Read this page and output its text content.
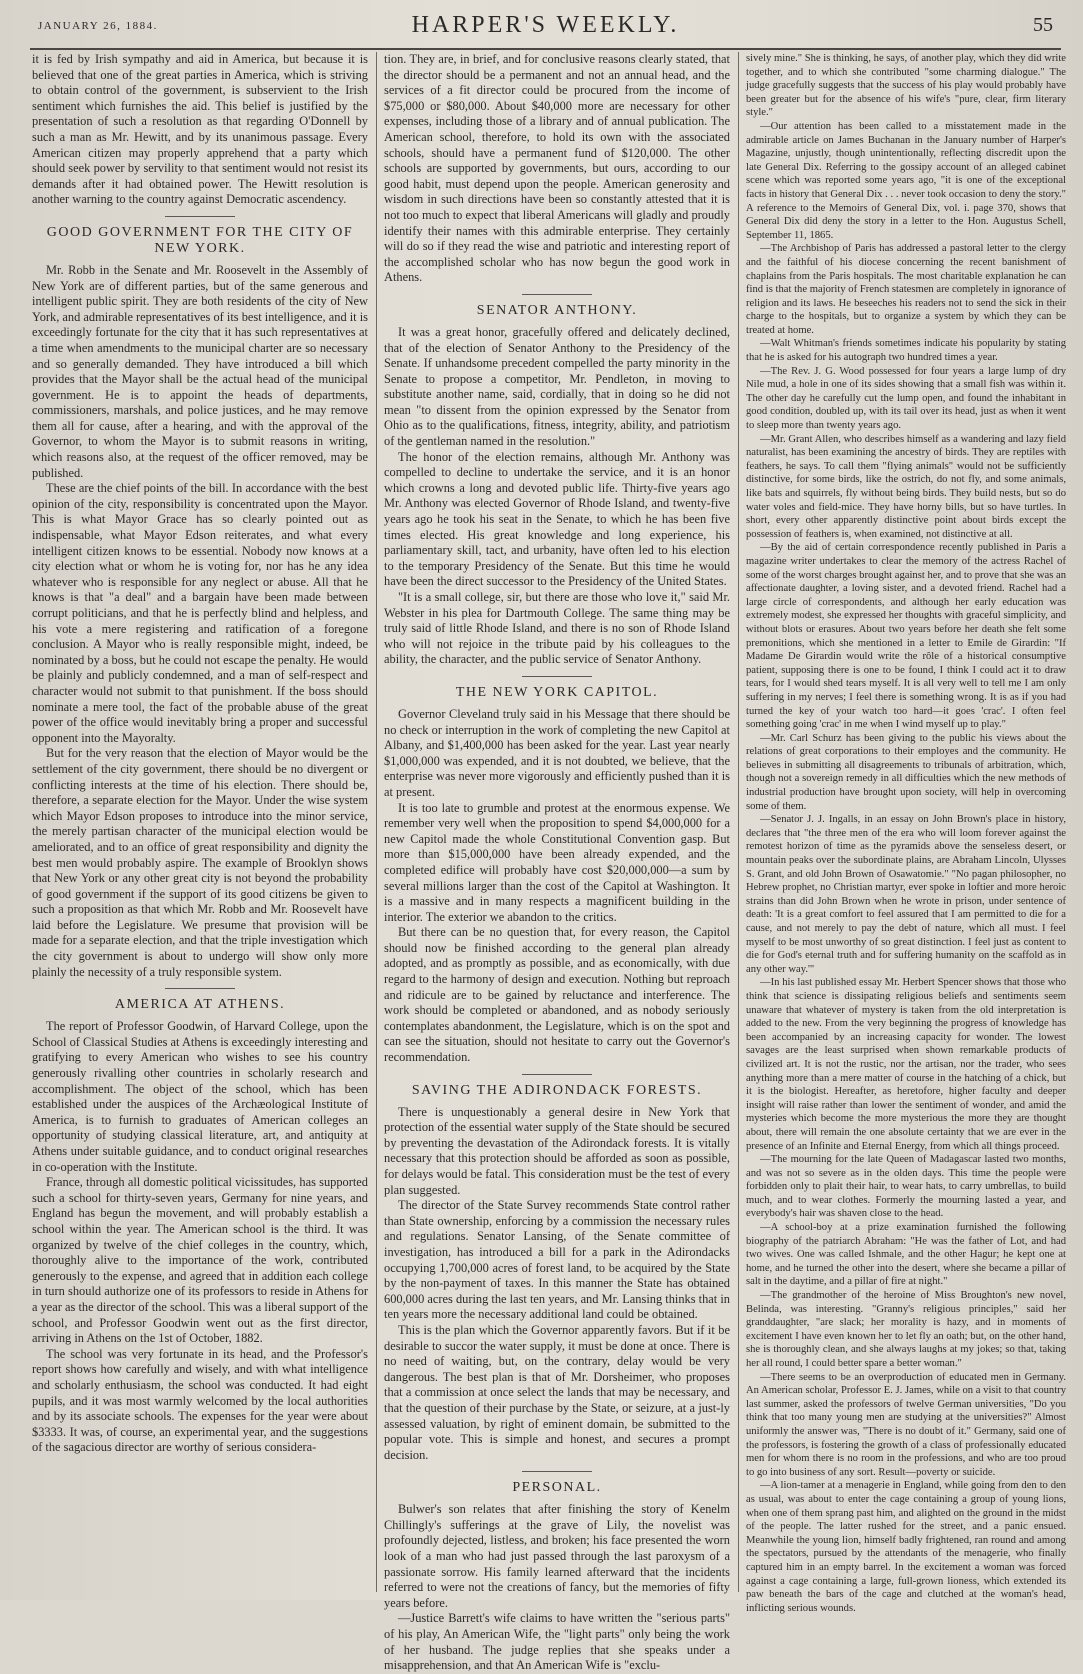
JANUARY 26, 1884.	HARPER'S WEEKLY.	55

it is fed by Irish sympathy and aid in America, but because it is believed that one of the great parties in America, which is striving to obtain control of the government, is subservient to the Irish sentiment which furnishes the aid. This belief is justified by the presentation of such a resolution as that regarding O'Donnell by such a man as Mr. Hewitt, and by its unanimous passage. Every American citizen may properly apprehend that a party which should seek power by servility to that sentiment would not resist its demands after it had obtained power. The Hewitt resolution is another warning to the country against Democratic ascendency.

GOOD GOVERNMENT FOR THE CITY OF NEW YORK.

Mr. Robb in the Senate and Mr. Roosevelt in the Assembly of New York are of different parties, but of the same generous and intelligent public spirit. They are both residents of the city of New York, and admirable representatives of its best intelligence, and it is exceedingly fortunate for the city that it has such representatives at a time when amendments to the municipal charter are so necessary and so generally demanded. They have introduced a bill which provides that the Mayor shall be the actual head of the municipal government. He is to appoint the heads of departments, commissioners, marshals, and police justices, and he may remove them all for cause, after a hearing, and with the approval of the Governor, to whom the Mayor is to submit reasons in writing, which reasons also, at the request of the officer removed, may be published.

These are the chief points of the bill. In accordance with the best opinion of the city, responsibility is concentrated upon the Mayor. This is what Mayor Grace has so clearly pointed out as indispensable, what Mayor Edson reiterates, and what every intelligent citizen knows to be essential. Nobody now knows at a city election what or whom he is voting for, nor has he any idea whatever who is responsible for any neglect or abuse. All that he knows is that "a deal" and a bargain have been made between corrupt politicians, and that he is perfectly blind and helpless, and his vote a mere registering and ratification of a foregone conclusion. A Mayor who is really responsible might, indeed, be nominated by a boss, but he could not escape the penalty. He would be plainly and publicly condemned, and a man of self-respect and character would not submit to that punishment. If the boss should nominate a mere tool, the fact of the probable abuse of the great power of the office would inevitably bring a proper and successful opponent into the Mayoralty.

But for the very reason that the election of Mayor would be the settlement of the city government, there should be no divergent or conflicting interests at the time of his election. There should be, therefore, a separate election for the Mayor. Under the wise system which Mayor Edson proposes to introduce into the minor service, the merely partisan character of the municipal election would be ameliorated, and to an office of great responsibility and dignity the best men would probably aspire. The example of Brooklyn shows that New York or any other great city is not beyond the probability of good government if the support of its good citizens be given to such a proposition as that which Mr. Robb and Mr. Roosevelt have laid before the Legislature. We presume that provision will be made for a separate election, and that the triple investigation which the city government is about to undergo will show only more plainly the necessity of a truly responsible system.

AMERICA AT ATHENS.

The report of Professor Goodwin, of Harvard College, upon the School of Classical Studies at Athens is exceedingly interesting and gratifying to every American who wishes to see his country generously rivalling other countries in scholarly research and accomplishment. The object of the school, which has been established under the auspices of the Archæological Institute of America, is to furnish to graduates of American colleges an opportunity of studying classical literature, art, and antiquity at Athens under suitable guidance, and to conduct original researches in co-operation with the Institute.

France, through all domestic political vicissitudes, has supported such a school for thirty-seven years, Germany for nine years, and England has begun the movement, and will probably establish a school within the year. The American school is the third. It was organized by twelve of the chief colleges in the country, which, thoroughly alive to the importance of the work, contributed generously to the expense, and agreed that in addition each college in turn should authorize one of its professors to reside in Athens for a year as the director of the school. This was a liberal support of the school, and Professor Goodwin went out as the first director, arriving in Athens on the 1st of October, 1882.

The school was very fortunate in its head, and the Professor's report shows how carefully and wisely, and with what intelligence and scholarly enthusiasm, the school was conducted. It had eight pupils, and it was most warmly welcomed by the local authorities and by its associate schools. The expenses for the year were about $3333. It was, of course, an experimental year, and the suggestions of the sagacious director are worthy of serious considera-

tion. They are, in brief, and for conclusive reasons clearly stated, that the director should be a permanent and not an annual head, and the services of a fit director could be procured from the income of $75,000 or $80,000. About $40,000 more are necessary for other expenses, including those of a library and of annual publication. The American school, therefore, to hold its own with the associated schools, should have a permanent fund of $120,000. The other schools are supported by governments, but ours, according to our good habit, must depend upon the people. American generosity and wisdom in such directions have been so constantly attested that it is not too much to expect that liberal Americans will gladly and proudly identify their names with this admirable enterprise. They certainly will do so if they read the wise and patriotic and interesting report of the accomplished scholar who has now begun the good work in Athens.

SENATOR ANTHONY.

It was a great honor, gracefully offered and delicately declined, that of the election of Senator Anthony to the Presidency of the Senate. If unhandsome precedent compelled the party minority in the Senate to propose a competitor, Mr. Pendleton, in moving to substitute another name, said, cordially, that in doing so he did not mean "to dissent from the opinion expressed by the Senator from Ohio as to the qualifications, fitness, integrity, ability, and patriotism of the gentleman named in the resolution."

The honor of the election remains, although Mr. Anthony was compelled to decline to undertake the service, and it is an honor which crowns a long and devoted public life. Thirty-five years ago Mr. Anthony was elected Governor of Rhode Island, and twenty-five years ago he took his seat in the Senate, to which he has been five times elected. His great knowledge and long experience, his parliamentary skill, tact, and urbanity, have often led to his election to the temporary Presidency of the Senate. But this time he would have been the direct successor to the Presidency of the United States.

"It is a small college, sir, but there are those who love it," said Mr. Webster in his plea for Dartmouth College. The same thing may be truly said of little Rhode Island, and there is no son of Rhode Island who will not rejoice in the tribute paid by his colleagues to the ability, the character, and the public service of Senator Anthony.

THE NEW YORK CAPITOL.

Governor Cleveland truly said in his Message that there should be no check or interruption in the work of completing the new Capitol at Albany, and $1,400,000 has been asked for the year. Last year nearly $1,000,000 was expended, and it is not doubted, we believe, that the enterprise was never more vigorously and efficiently pushed than it is at present.

It is too late to grumble and protest at the enormous expense. We remember very well when the proposition to spend $4,000,000 for a new Capitol made the whole Constitutional Convention gasp. But more than $15,000,000 have been already expended, and the completed edifice will probably have cost $20,000,000—a sum by several millions larger than the cost of the Capitol at Washington. It is a massive and in many respects a magnificent building in the interior. The exterior we abandon to the critics.

But there can be no question that, for every reason, the Capitol should now be finished according to the general plan already adopted, and as promptly as possible, and as economically, with due regard to the harmony of design and execution. Nothing but reproach and ridicule are to be gained by reluctance and interference. The work should be completed or abandoned, and as nobody seriously contemplates abandonment, the Legislature, which is on the spot and can see the situation, should not hesitate to carry out the Governor's recommendation.

SAVING THE ADIRONDACK FORESTS.

There is unquestionably a general desire in New York that protection of the essential water supply of the State should be secured by preventing the devastation of the Adirondack forests. It is vitally necessary that this protection should be afforded as soon as possible, for delays would be fatal. This consideration must be the test of every plan suggested.

The director of the State Survey recommends State control rather than State ownership, enforcing by a commission the necessary rules and regulations. Senator Lansing, of the Senate committee of investigation, has introduced a bill for a park in the Adirondacks occupying 1,700,000 acres of forest land, to be acquired by the State by the non-payment of taxes. In this manner the State has obtained 600,000 acres during the last ten years, and Mr. Lansing thinks that in ten years more the necessary additional land could be obtained.

This is the plan which the Governor apparently favors. But if it be desirable to succor the water supply, it must be done at once. There is no need of waiting, but, on the contrary, delay would be very dangerous. The best plan is that of Mr. Dorsheimer, who proposes that a commission at once select the lands that may be necessary, and that the question of their purchase by the State, or seizure, at a just-ly assessed valuation, by right of eminent domain, be submitted to the popular vote. This is simple and honest, and secures a prompt decision.

PERSONAL.

Bulwer's son relates that after finishing the story of Kenelm Chillingly's sufferings at the grave of Lily, the novelist was profoundly dejected, listless, and broken; his face presented the worn look of a man who had just passed through the last paroxysm of a passionate sorrow. His family learned afterward that the incidents referred to were not the creations of fancy, but the memories of fifty years before.

—Justice Barrett's wife claims to have written the "serious parts" of his play, An American Wife, the "light parts" only being the work of her husband. The judge replies that she speaks under a misapprehension, and that An American Wife is "exclu-

sively mine." She is thinking, he says, of another play, which they did write together, and to which she contributed "some charming dialogue." The judge gracefully suggests that the success of his play would probably have been greater but for the absence of his wife's "pure, clear, firm literary style."

—Our attention has been called to a misstatement made in the admirable article on James Buchanan in the January number of Harper's Magazine, unjustly, though unintentionally, reflecting discredit upon the late General Dix. Referring to the gossipy account of an alleged cabinet scene which was reported some years ago, "it is one of the exceptional facts in history that General Dix . . . never took occasion to deny the story." A reference to the Memoirs of General Dix, vol. i. page 370, shows that General Dix did deny the story in a letter to the Hon. Augustus Schell, September 11, 1865.

—The Archbishop of Paris has addressed a pastoral letter to the clergy and the faithful of his diocese concerning the recent banishment of chaplains from the Paris hospitals. The most charitable explanation he can find is that the majority of French statesmen are completely in ignorance of religion and its laws. He beseeches his readers not to send the sick in their charge to the hospitals, but to organize a system by which they can be treated at home.

—Walt Whitman's friends sometimes indicate his popularity by stating that he is asked for his autograph two hundred times a year.

—The Rev. J. G. Wood possessed for four years a large lump of dry Nile mud, a hole in one of its sides showing that a small fish was within it. The other day he carefully cut the lump open, and found the inhabitant in good condition, doubled up, with its tail over its head, just as when it went to sleep more than twenty years ago.

—Mr. Grant Allen, who describes himself as a wandering and lazy field naturalist, has been examining the ancestry of birds. They are reptiles with feathers, he says. To call them "flying animals" would not be sufficiently distinctive, for some birds, like the ostrich, do not fly, and some animals, like bats and squirrels, fly without being birds. They build nests, but so do water voles and field-mice. They have horny bills, but so have turtles. In short, every other apparently distinctive point about birds except the possession of feathers is, when examined, not distinctive at all.

—By the aid of certain correspondence recently published in Paris a magazine writer undertakes to clear the memory of the actress Rachel of some of the worst charges brought against her, and to prove that she was an affectionate daughter, a loving sister, and a devoted friend. Rachel had a large circle of correspondents, and although her early education was extremely modest, she expressed her thoughts with graceful simplicity, and without blots or erasures. About two years before her death she felt some premonitions, which she mentioned in a letter to Emile de Girardin: "If Madame De Girardin would write the rôle of a historical consumptive patient, supposing there is one to be found, I think I could act it to draw tears, for I would shed tears myself. It is all very well to tell me I am only suffering in my nerves; I feel there is something wrong. It is as if you had turned the key of your watch too hard—it goes 'crac'. I often feel something going 'crac' in me when I wind myself up to play."

—Mr. Carl Schurz has been giving to the public his views about the relations of great corporations to their employes and the community. He believes in submitting all disagreements to tribunals of arbitration, which, though not a sovereign remedy in all difficulties which the new methods of industrial production have brought upon society, will help in overcoming some of them.

—Senator J. J. Ingalls, in an essay on John Brown's place in history, declares that "the three men of the era who will loom forever against the remotest horizon of time as the pyramids above the senseless desert, or mountain peaks over the subordinate plains, are Abraham Lincoln, Ulysses S. Grant, and old John Brown of Osawatomie." "No pagan philosopher, no Hebrew prophet, no Christian martyr, ever spoke in loftier and more heroic strains than did John Brown when he wrote in prison, under sentence of death: 'It is a great comfort to feel assured that I am permitted to die for a cause, and not merely to pay the debt of nature, which all must. I feel myself to be most unworthy of so great distinction. I feel just as content to die for God's eternal truth and for suffering humanity on the scaffold as in any other way.'"

—In his last published essay Mr. Herbert Spencer shows that those who think that science is dissipating religious beliefs and sentiments seem unaware that whatever of mystery is taken from the old interpretation is added to the new. From the very beginning the progress of knowledge has been accompanied by an increasing capacity for wonder. The lowest savages are the least surprised when shown remarkable products of civilized art. It is not the rustic, nor the artisan, nor the trader, who sees anything more than a mere matter of course in the hatching of a chick, but it is the biologist. Hereafter, as heretofore, higher faculty and deeper insight will raise rather than lower the sentiment of wonder, and amid the mysteries which become the more mysterious the more they are thought about, there will remain the one absolute certainty that we are ever in the presence of an Infinite and Eternal Energy, from which all things proceed.

—The mourning for the late Queen of Madagascar lasted two months, and was not so severe as in the olden days. This time the people were forbidden only to plait their hair, to wear hats, to carry umbrellas, to build much, and to wear clothes. Formerly the mourning lasted a year, and everybody's hair was shaven close to the head.

—A school-boy at a prize examination furnished the following biography of the patriarch Abraham: "He was the father of Lot, and had two wives. One was called Ishmale, and the other Hagur; he kept one at home, and he turned the other into the desert, where she became a pillar of salt in the daytime, and a pillar of fire at night."

—The grandmother of the heroine of Miss Broughton's new novel, Belinda, was interesting. "Granny's religious principles," said her granddaughter, "are slack; her morality is hazy, and in moments of excitement I have even known her to let fly an oath; but, on the other hand, she is thoroughly clean, and she always laughs at my jokes; so that, taking her all round, I could better spare a better woman."

—There seems to be an overproduction of educated men in Germany. An American scholar, Professor E. J. James, while on a visit to that country last summer, asked the professors of twelve German universities, "Do you think that too many young men are studying at the universities?" Almost uniformly the answer was, "There is no doubt of it." Germany, said one of the professors, is fostering the growth of a class of professionally educated men for whom there is no room in the professions, and who are too proud to go into business of any sort. Result—poverty or suicide.

—A lion-tamer at a menagerie in England, while going from den to den as usual, was about to enter the cage containing a group of young lions, when one of them sprang past him, and alighted on the ground in the midst of the people. The latter rushed for the street, and a panic ensued. Meanwhile the young lion, himself badly frightened, ran round and among the spectators, pursued by the attendants of the menagerie, who finally captured him in an empty barrel. In the excitement a woman was forced against a cage containing a large, full-grown lioness, which extended its paw beneath the bars of the cage and clutched at the woman's head, inflicting serious wounds.
